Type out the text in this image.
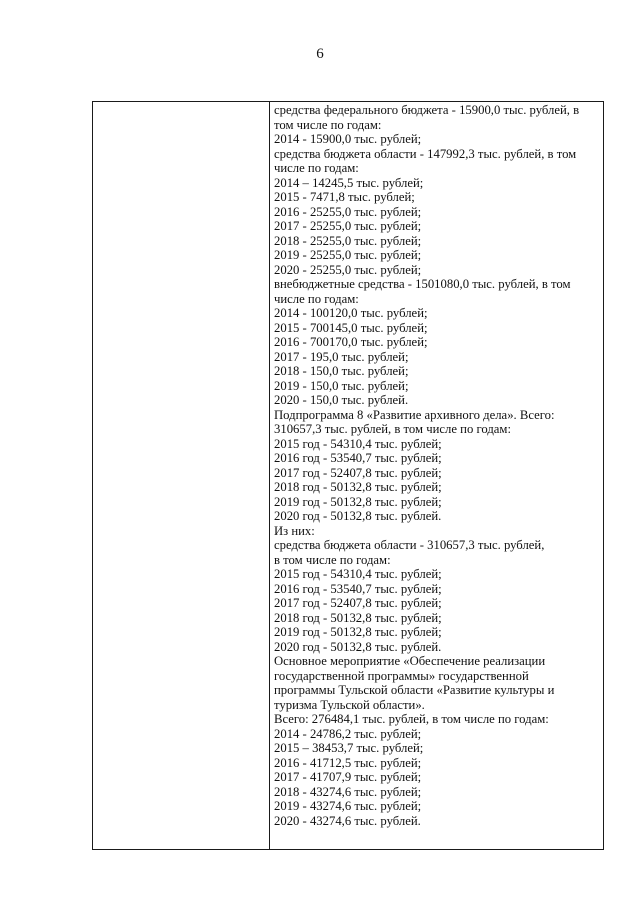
6
средства федерального бюджета - 15900,0 тыс. рублей, в
том числе по годам:
2014 - 15900,0 тыс. рублей;
средства бюджета области - 147992,3 тыс. рублей, в том
числе по годам:
2014 – 14245,5 тыс. рублей;
2015 - 7471,8 тыс. рублей;
2016 - 25255,0 тыс. рублей;
2017 - 25255,0 тыс. рублей;
2018 - 25255,0 тыс. рублей;
2019 - 25255,0 тыс. рублей;
2020 - 25255,0 тыс. рублей;
внебюджетные средства - 1501080,0 тыс. рублей, в том
числе по годам:
2014 - 100120,0 тыс. рублей;
2015 - 700145,0 тыс. рублей;
2016 - 700170,0 тыс. рублей;
2017 - 195,0 тыс. рублей;
2018 - 150,0 тыс. рублей;
2019 - 150,0 тыс. рублей;
2020 - 150,0 тыс. рублей.
Подпрограмма 8 «Развитие архивного дела». Всего:
310657,3 тыс. рублей, в том числе по годам:
2015 год - 54310,4 тыс. рублей;
2016 год - 53540,7 тыс. рублей;
2017 год - 52407,8 тыс. рублей;
2018 год - 50132,8 тыс. рублей;
2019 год - 50132,8 тыс. рублей;
2020 год - 50132,8 тыс. рублей.
Из них:
средства бюджета области - 310657,3 тыс. рублей,
в том числе по годам:
2015 год - 54310,4 тыс. рублей;
2016 год - 53540,7 тыс. рублей;
2017 год - 52407,8 тыс. рублей;
2018 год - 50132,8 тыс. рублей;
2019 год - 50132,8 тыс. рублей;
2020 год - 50132,8 тыс. рублей.
Основное мероприятие «Обеспечение реализации
государственной программы» государственной
программы Тульской области «Развитие культуры и
туризма Тульской области».
Всего: 276484,1 тыс. рублей, в том числе по годам:
2014 - 24786,2 тыс. рублей;
2015 – 38453,7 тыс. рублей;
2016 - 41712,5 тыс. рублей;
2017 - 41707,9 тыс. рублей;
2018 - 43274,6 тыс. рублей;
2019 - 43274,6 тыс. рублей;
2020 - 43274,6 тыс. рублей.
